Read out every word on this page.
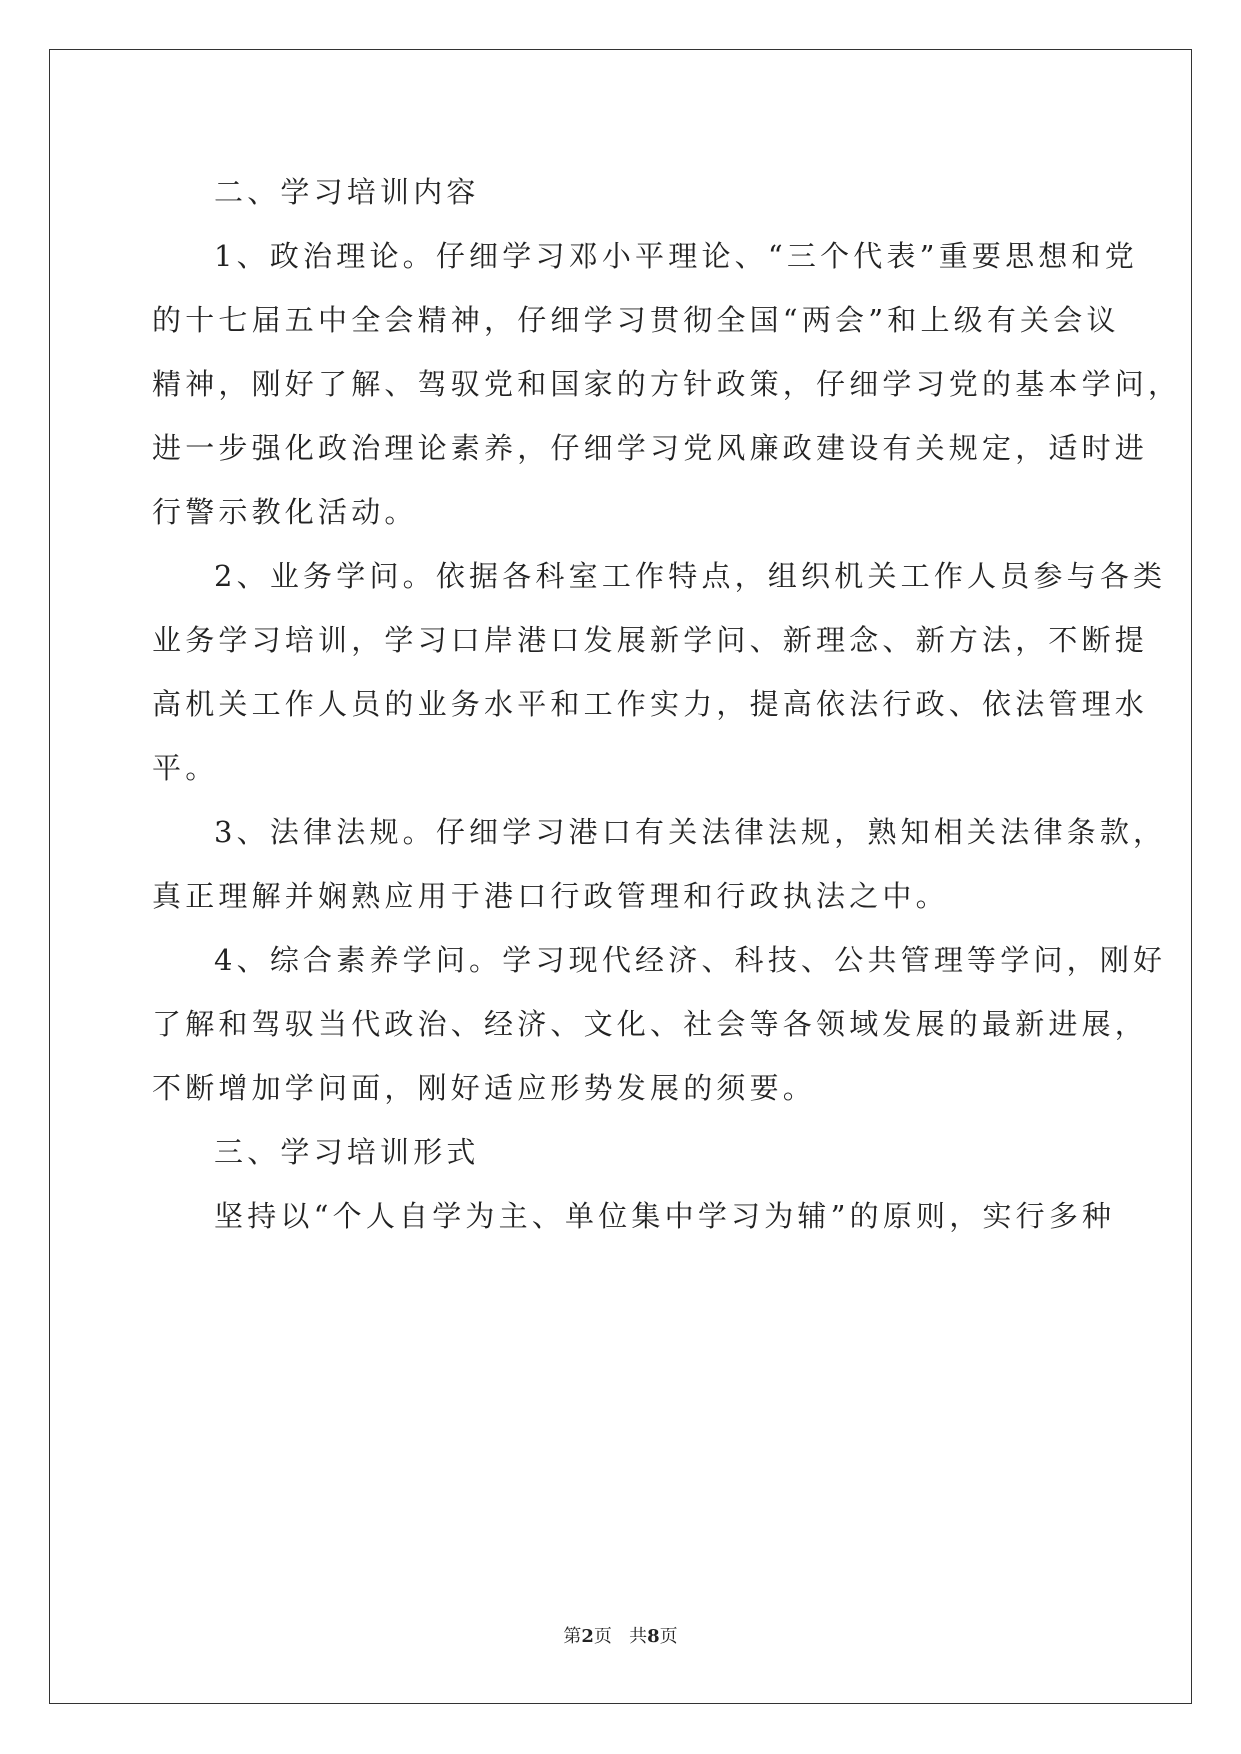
二、学习培训内容

1、政治理论。仔细学习邓小平理论、“三个代表”重要思想和党
的十七届五中全会精神，仔细学习贯彻全国“两会”和上级有关会议
精神，刚好了解、驾驭党和国家的方针政策，仔细学习党的基本学问，
进一步强化政治理论素养，仔细学习党风廉政建设有关规定，适时进
行警示教化活动。

2、业务学问。依据各科室工作特点，组织机关工作人员参与各类
业务学习培训，学习口岸港口发展新学问、新理念、新方法，不断提
高机关工作人员的业务水平和工作实力，提高依法行政、依法管理水
平。

3、法律法规。仔细学习港口有关法律法规，熟知相关法律条款，
真正理解并娴熟应用于港口行政管理和行政执法之中。

4、综合素养学问。学习现代经济、科技、公共管理等学问，刚好
了解和驾驭当代政治、经济、文化、社会等各领域发展的最新进展，
不断增加学问面，刚好适应形势发展的须要。

三、学习培训形式

坚持以“个人自学为主、单位集中学习为辅”的原则，实行多种

第2页 共8页
